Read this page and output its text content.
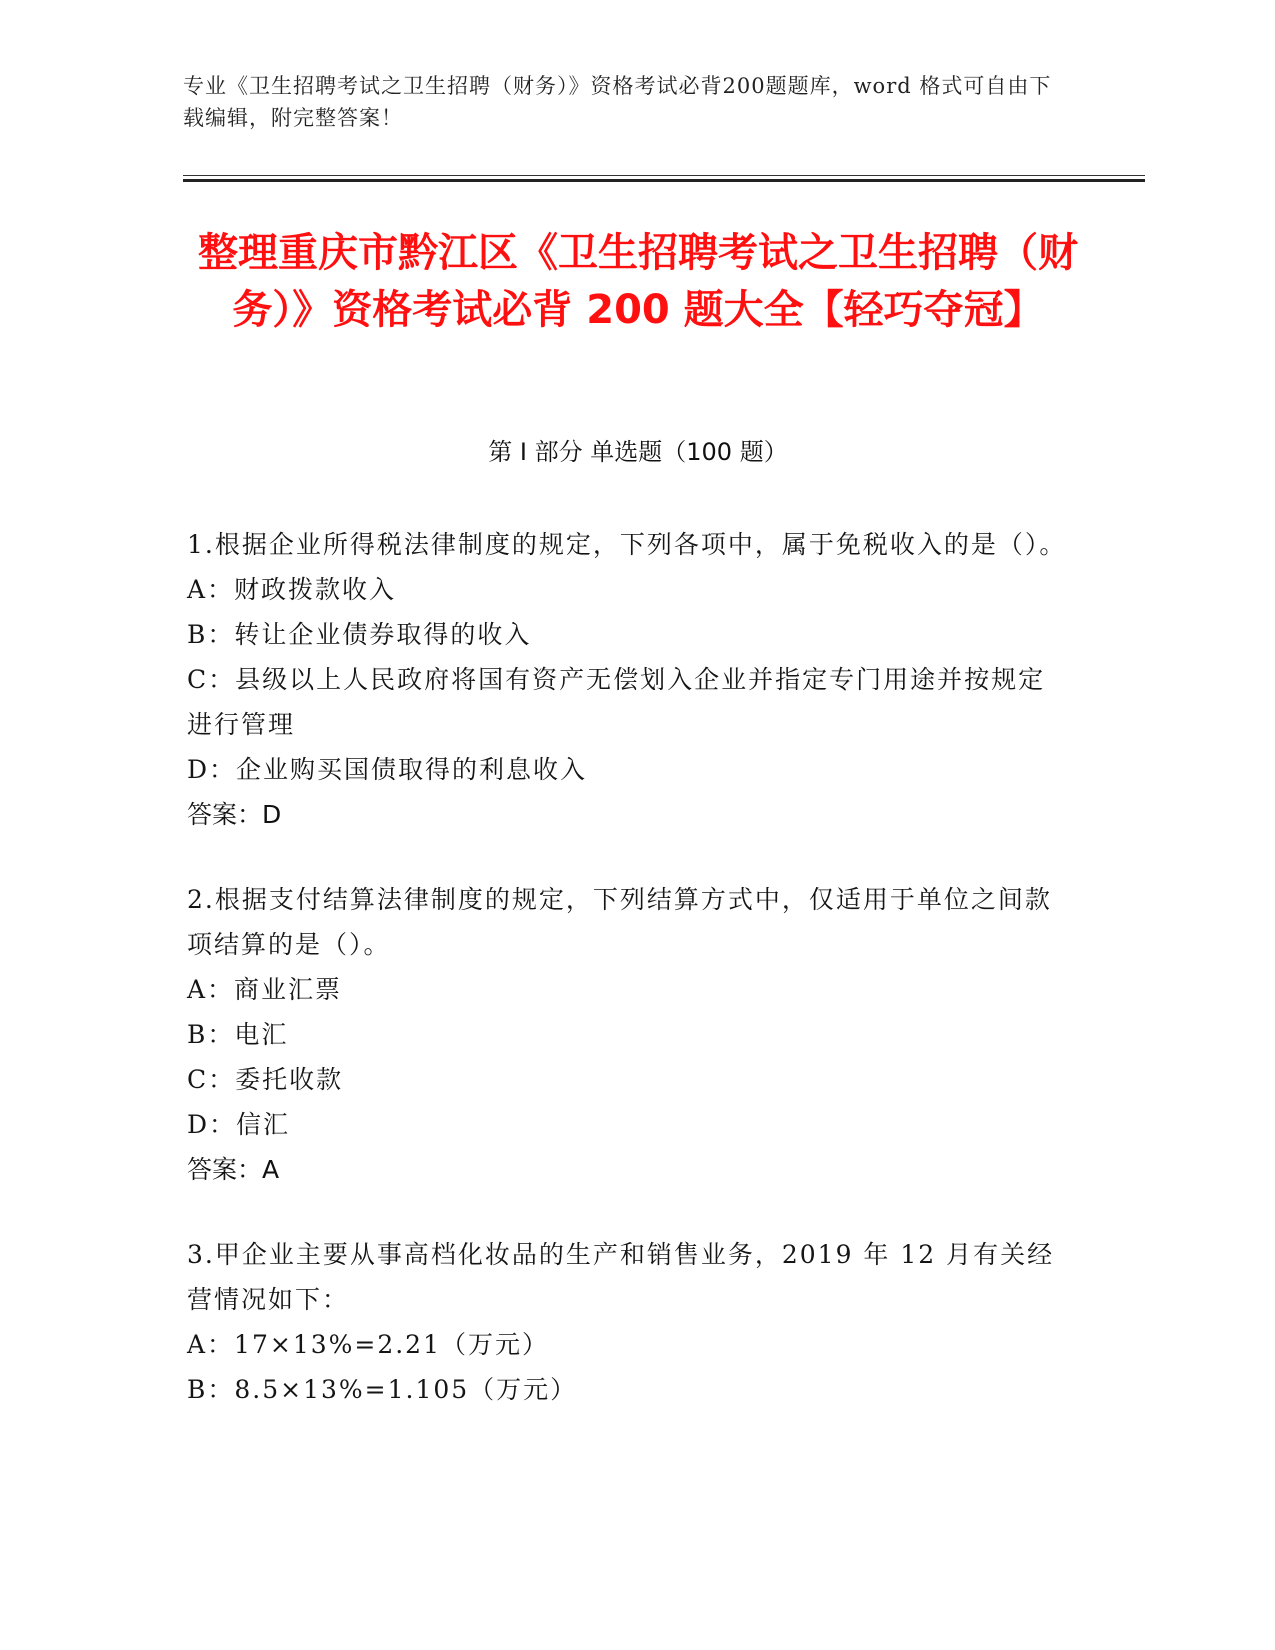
专业《卫生招聘考试之卫生招聘（财务）》资格考试必背200题题库，word 格式可自由下载编辑，附完整答案！
整理重庆市黔江区《卫生招聘考试之卫生招聘（财务）》资格考试必背 200 题大全【轻巧夺冠】
第 I 部分 单选题（100 题）
1.根据企业所得税法律制度的规定，下列各项中，属于免税收入的是（）。
A：财政拨款收入
B：转让企业债券取得的收入
C：县级以上人民政府将国有资产无偿划入企业并指定专门用途并按规定进行管理
D：企业购买国债取得的利息收入
答案：D
2.根据支付结算法律制度的规定，下列结算方式中，仅适用于单位之间款项结算的是（）。
A：商业汇票
B：电汇
C：委托收款
D：信汇
答案：A
3.甲企业主要从事高档化妆品的生产和销售业务，2019 年 12 月有关经营情况如下：
A：17×13%=2.21（万元）
B：8.5×13%=1.105（万元）
